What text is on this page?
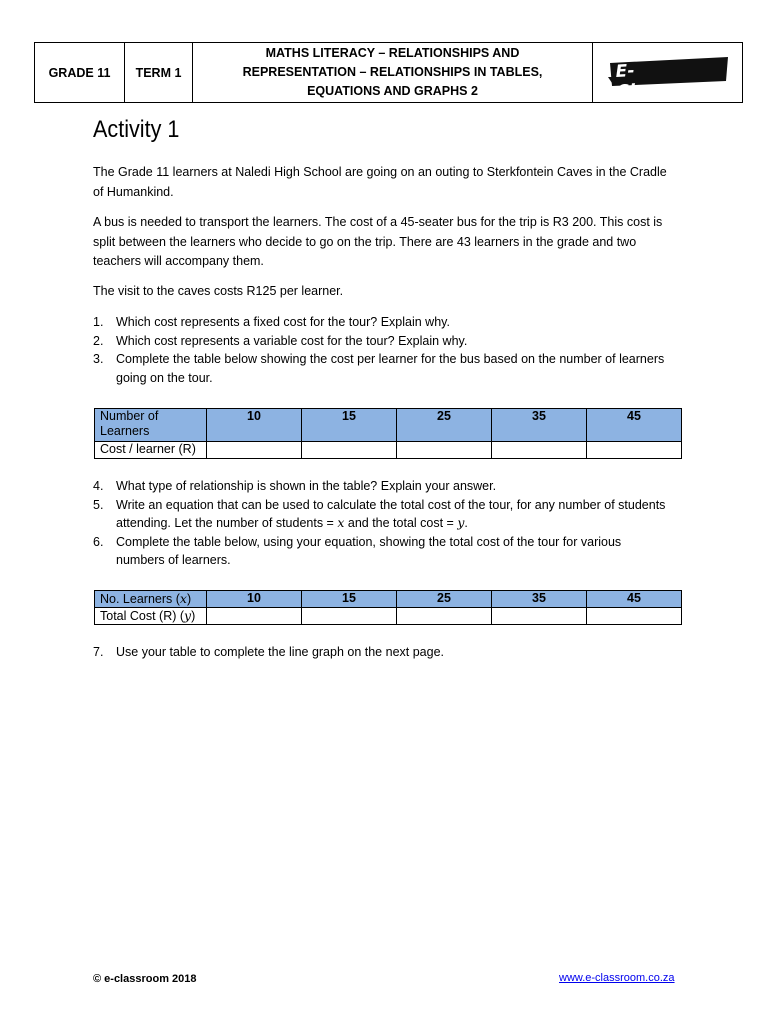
GRADE 11	TERM 1	
MATHS LITERACY – RELATIONSHIPS AND
REPRESENTATION – RELATIONSHIPS IN TABLES,
EQUATIONS AND GRAPHS 2

E-Classroom
Activity 1

The Grade 11 learners at Naledi High School are going on an outing to Sterkfontein Caves in the Cradle of Humankind.

A bus is needed to transport the learners. The cost of a 45-seater bus for the trip is R3 200. This cost is split between the learners who decide to go on the trip. There are 43 learners in the grade and two teachers will accompany them.

The visit to the caves costs R125 per learner.

1. Which cost represents a fixed cost for the tour? Explain why.
2. Which cost represents a variable cost for the tour? Explain why.
3. Complete the table below showing the cost per learner for the bus based on the number of learners going on the tour.
Number of Learners	10	15	25	35	45
Cost / learner (R)					
4. What type of relationship is shown in the table? Explain your answer.
5. Write an equation that can be used to calculate the total cost of the tour, for any number of students attending. Let the number of students = x and the total cost = y.
6. Complete the table below, using your equation, showing the total cost of the tour for various numbers of learners.
No. Learners (x)	10	15	25	35	45
Total Cost (R) (y)					
7. Use your table to complete the line graph on the next page.
© e-classroom 2018	www.e-classroom.co.za
